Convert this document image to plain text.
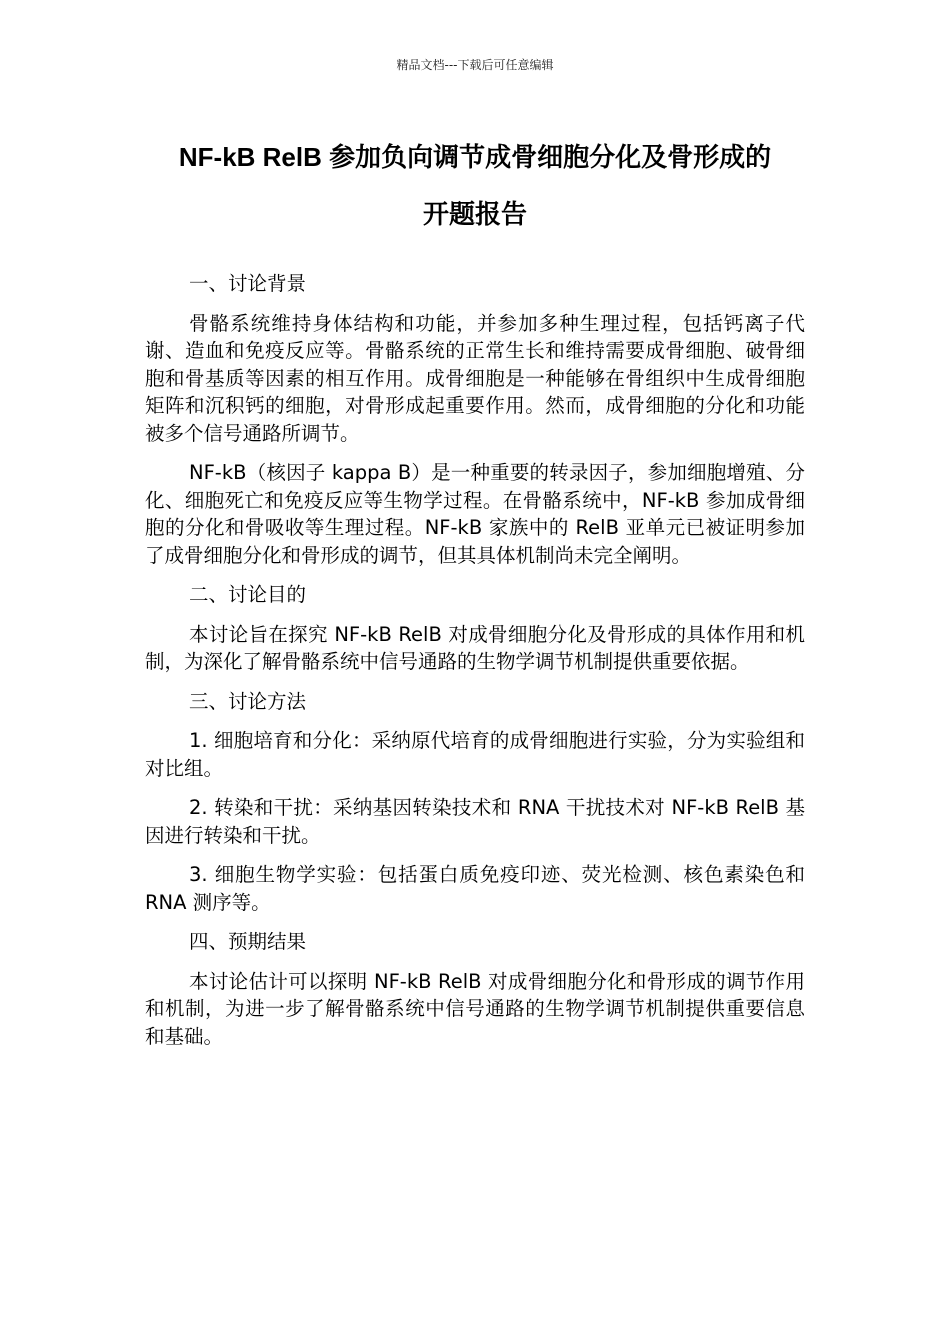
精品文档---下载后可任意编辑
NF-kB RelB 参加负向调节成骨细胞分化及骨形成的
开题报告

一、讨论背景

骨骼系统维持身体结构和功能，并参加多种生理过程，包括钙离子代谢、造血和免疫反应等。骨骼系统的正常生长和维持需要成骨细胞、破骨细胞和骨基质等因素的相互作用。成骨细胞是一种能够在骨组织中生成骨细胞矩阵和沉积钙的细胞，对骨形成起重要作用。然而，成骨细胞的分化和功能被多个信号通路所调节。

NF-kB（核因子 kappa B）是一种重要的转录因子，参加细胞增殖、分化、细胞死亡和免疫反应等生物学过程。在骨骼系统中，NF-kB 参加成骨细胞的分化和骨吸收等生理过程。NF-kB 家族中的 RelB 亚单元已被证明参加了成骨细胞分化和骨形成的调节，但其具体机制尚未完全阐明。

二、讨论目的

本讨论旨在探究 NF-kB RelB 对成骨细胞分化及骨形成的具体作用和机制，为深化了解骨骼系统中信号通路的生物学调节机制提供重要依据。

三、讨论方法

1. 细胞培育和分化：采纳原代培育的成骨细胞进行实验，分为实验组和对比组。

2. 转染和干扰：采纳基因转染技术和 RNA 干扰技术对 NF-kB RelB 基因进行转染和干扰。

3. 细胞生物学实验：包括蛋白质免疫印迹、荧光检测、核色素染色和 RNA 测序等。

四、预期结果

本讨论估计可以探明 NF-kB RelB 对成骨细胞分化和骨形成的调节作用和机制，为进一步了解骨骼系统中信号通路的生物学调节机制提供重要信息和基础。
